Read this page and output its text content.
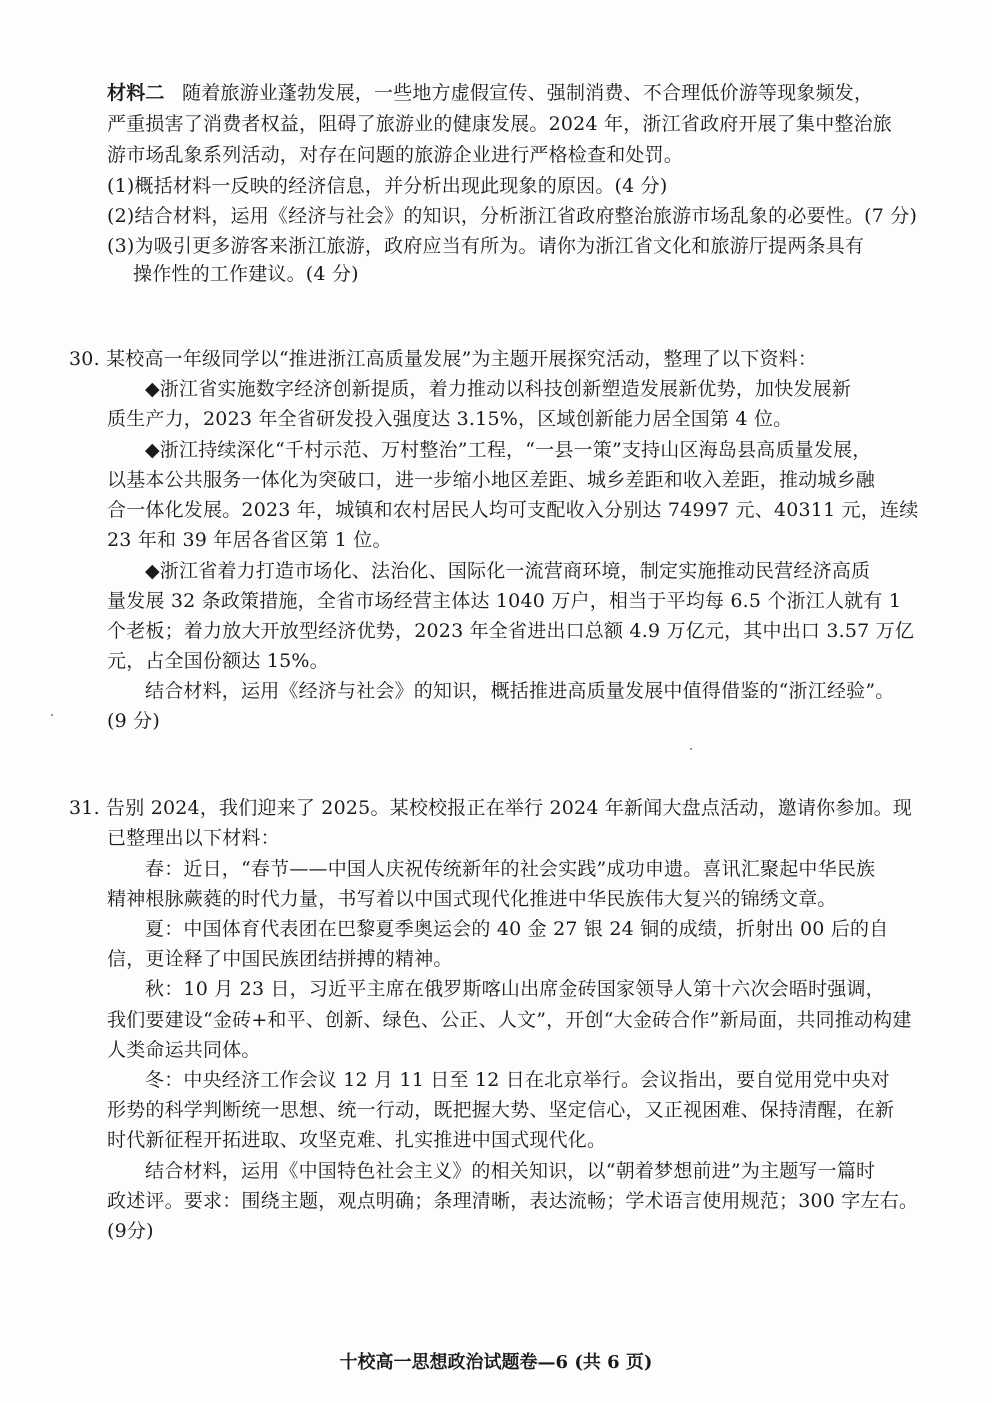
材料二 随着旅游业蓬勃发展，一些地方虚假宣传、强制消费、不合理低价游等现象频发，
严重损害了消费者权益，阻碍了旅游业的健康发展。2024 年，浙江省政府开展了集中整治旅
游市场乱象系列活动，对存在问题的旅游企业进行严格检查和处罚。
(1)概括材料一反映的经济信息，并分析出现此现象的原因。(4 分)
(2)结合材料，运用《经济与社会》的知识，分析浙江省政府整治旅游市场乱象的必要性。(7 分)
(3)为吸引更多游客来浙江旅游，政府应当有所为。请你为浙江省文化和旅游厅提两条具有
操作性的工作建议。(4 分)
30. 某校高一年级同学以“推进浙江高质量发展”为主题开展探究活动，整理了以下资料：
◆浙江省实施数字经济创新提质，着力推动以科技创新塑造发展新优势，加快发展新
质生产力，2023 年全省研发投入强度达 3.15%，区域创新能力居全国第 4 位。
◆浙江持续深化“千村示范、万村整治”工程，“一县一策”支持山区海岛县高质量发展，
以基本公共服务一体化为突破口，进一步缩小地区差距、城乡差距和收入差距，推动城乡融
合一体化发展。2023 年，城镇和农村居民人均可支配收入分别达 74997 元、40311 元，连续
23 年和 39 年居各省区第 1 位。
◆浙江省着力打造市场化、法治化、国际化一流营商环境，制定实施推动民营经济高质
量发展 32 条政策措施，全省市场经营主体达 1040 万户，相当于平均每 6.5 个浙江人就有 1
个老板；着力放大开放型经济优势，2023 年全省进出口总额 4.9 万亿元，其中出口 3.57 万亿
元，占全国份额达 15%。
结合材料，运用《经济与社会》的知识，概括推进高质量发展中值得借鉴的“浙江经验”。
(9 分)
31. 告别 2024，我们迎来了 2025。某校校报正在举行 2024 年新闻大盘点活动，邀请你参加。现
已整理出以下材料：
春：近日，“春节——中国人庆祝传统新年的社会实践”成功申遗。喜讯汇聚起中华民族
精神根脉蕨蕤的时代力量，书写着以中国式现代化推进中华民族伟大复兴的锦绣文章。
夏：中国体育代表团在巴黎夏季奥运会的 40 金 27 银 24 铜的成绩，折射出 00 后的自
信，更诠释了中国民族团结拼搏的精神。
秋：10 月 23 日，习近平主席在俄罗斯喀山出席金砖国家领导人第十六次会晤时强调，
我们要建设“金砖+和平、创新、绿色、公正、人文”，开创“大金砖合作”新局面，共同推动构建
人类命运共同体。
冬：中央经济工作会议 12 月 11 日至 12 日在北京举行。会议指出，要自觉用党中央对
形势的科学判断统一思想、统一行动，既把握大势、坚定信心，又正视困难、保持清醒，在新
时代新征程开拓进取、攻坚克难、扎实推进中国式现代化。
结合材料，运用《中国特色社会主义》的相关知识，以“朝着梦想前进”为主题写一篇时
政述评。要求：围绕主题，观点明确；条理清晰，表达流畅；学术语言使用规范；300 字左右。
(9分)
十校高一思想政治试题卷—6 (共 6 页)
